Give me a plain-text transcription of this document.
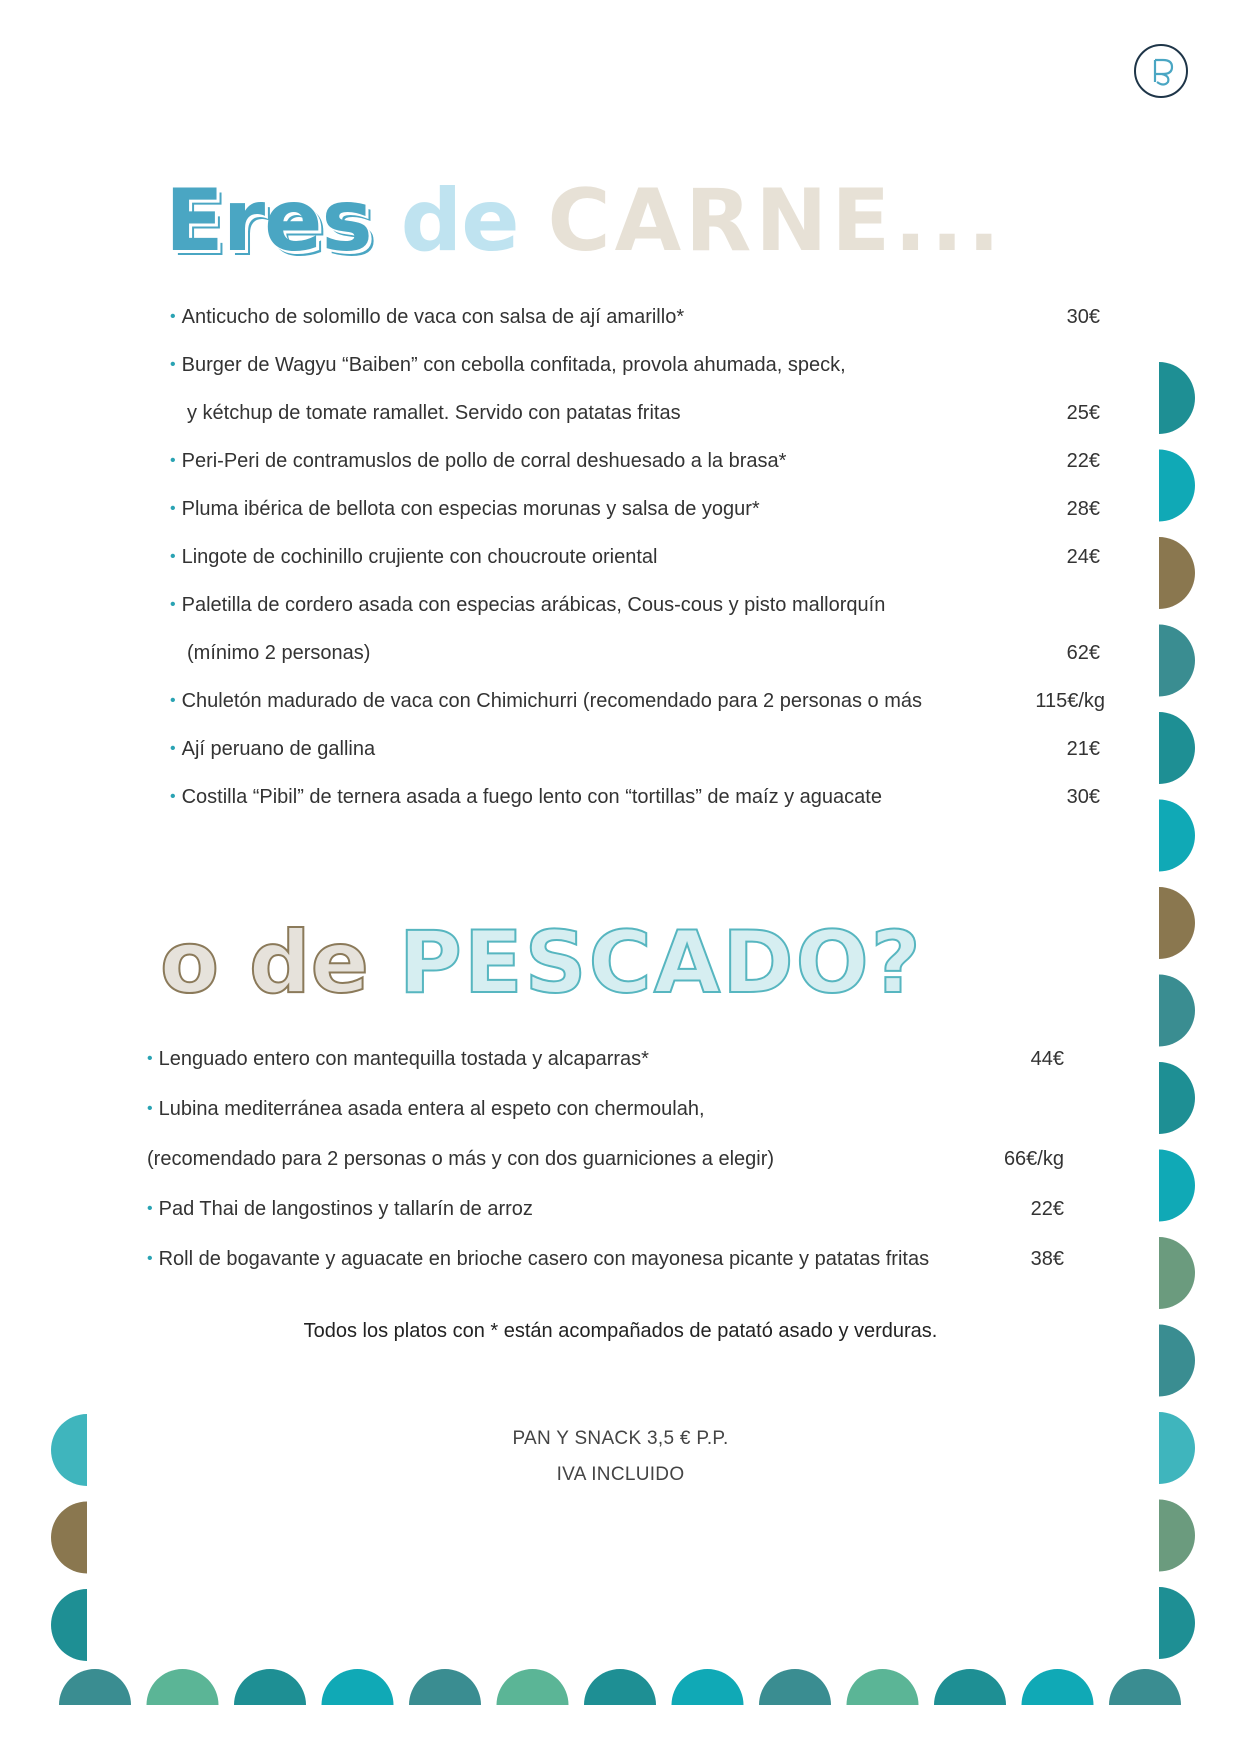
Eres de CARNE...
• Anticucho de solomillo de vaca con salsa de ají amarillo*	30€
• Burger de Wagyu “Baiben” con cebolla confitada, provola ahumada, speck,
y kétchup de tomate ramallet. Servido con patatas fritas	25€
• Peri-Peri de contramuslos de pollo de corral deshuesado a la brasa*	22€
• Pluma ibérica de bellota con especias morunas y salsa de yogur*	28€
• Lingote de cochinillo crujiente con choucroute oriental	24€
• Paletilla de cordero asada con especias arábicas, Cous-cous y pisto mallorquín
(mínimo 2 personas)	62€
• Chuletón madurado de vaca con Chimichurri (recomendado para 2 personas o más	115€/kg
• Ají peruano de gallina	21€
• Costilla “Pibil” de ternera asada a fuego lento con “tortillas” de maíz y aguacate	30€
o de PESCADO?
• Lenguado entero con mantequilla tostada y alcaparras*	44€
• Lubina mediterránea asada entera al espeto con chermoulah,
(recomendado para 2 personas o más y con dos guarniciones a elegir)	66€/kg
• Pad Thai de langostinos y tallarín de arroz	22€
• Roll de bogavante y aguacate en brioche casero con mayonesa picante y patatas fritas	38€

Todos los platos con * están acompañados de patató asado y verduras.

PAN Y SNACK 3,5 € P.P.

IVA INCLUIDO
